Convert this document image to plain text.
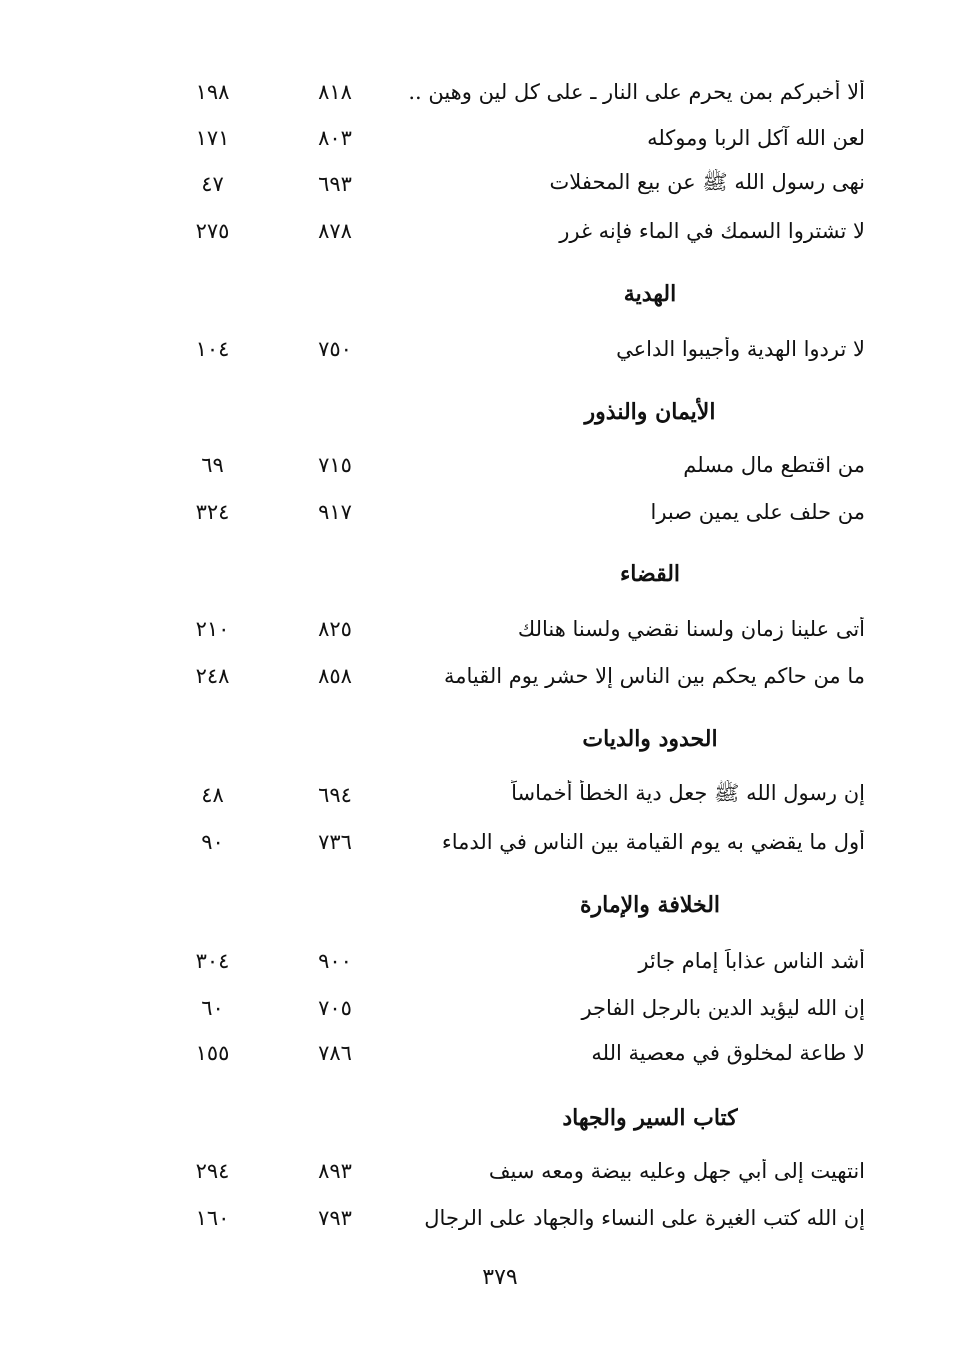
ألا أخبركم بمن يحرم على النار ـ على كل لين وهين ..
٨١٨
١٩٨
لعن الله آكل الربا وموكله
٨٠٣
١٧١
نهى رسول الله ﷺ عن بيع المحفلات
٦٩٣
٤٧
لا تشتروا السمك في الماء فإنه غرر
٨٧٨
٢٧٥
الهدية
لا تردوا الهدية وأجيبوا الداعي
٧٥٠
١٠٤
الأيمان والنذور
من اقتطع مال مسلم
٧١٥
٦٩
من حلف على يمين صبرا
٩١٧
٣٢٤
القضاء
أتى علينا زمان ولسنا نقضي ولسنا هنالك
٨٢٥
٢١٠
ما من حاكم يحكم بين الناس إلا حشر يوم القيامة
٨٥٨
٢٤٨
الحدود والديات
إن رسول الله ﷺ جعل دية الخطأ أخماساً
٦٩٤
٤٨
أول ما يقضي به يوم القيامة بين الناس في الدماء
٧٣٦
٩٠
الخلافة والإمارة
أشد الناس عذاباً إمام جائر
٩٠٠
٣٠٤
إن الله ليؤيد الدين بالرجل الفاجر
٧٠٥
٦٠
لا طاعة لمخلوق في معصية الله
٧٨٦
١٥٥
كتاب السير والجهاد
انتهيت إلى أبي جهل وعليه بيضة ومعه سيف
٨٩٣
٢٩٤
إن الله كتب الغيرة على النساء والجهاد على الرجال
٧٩٣
١٦٠
٣٧٩
